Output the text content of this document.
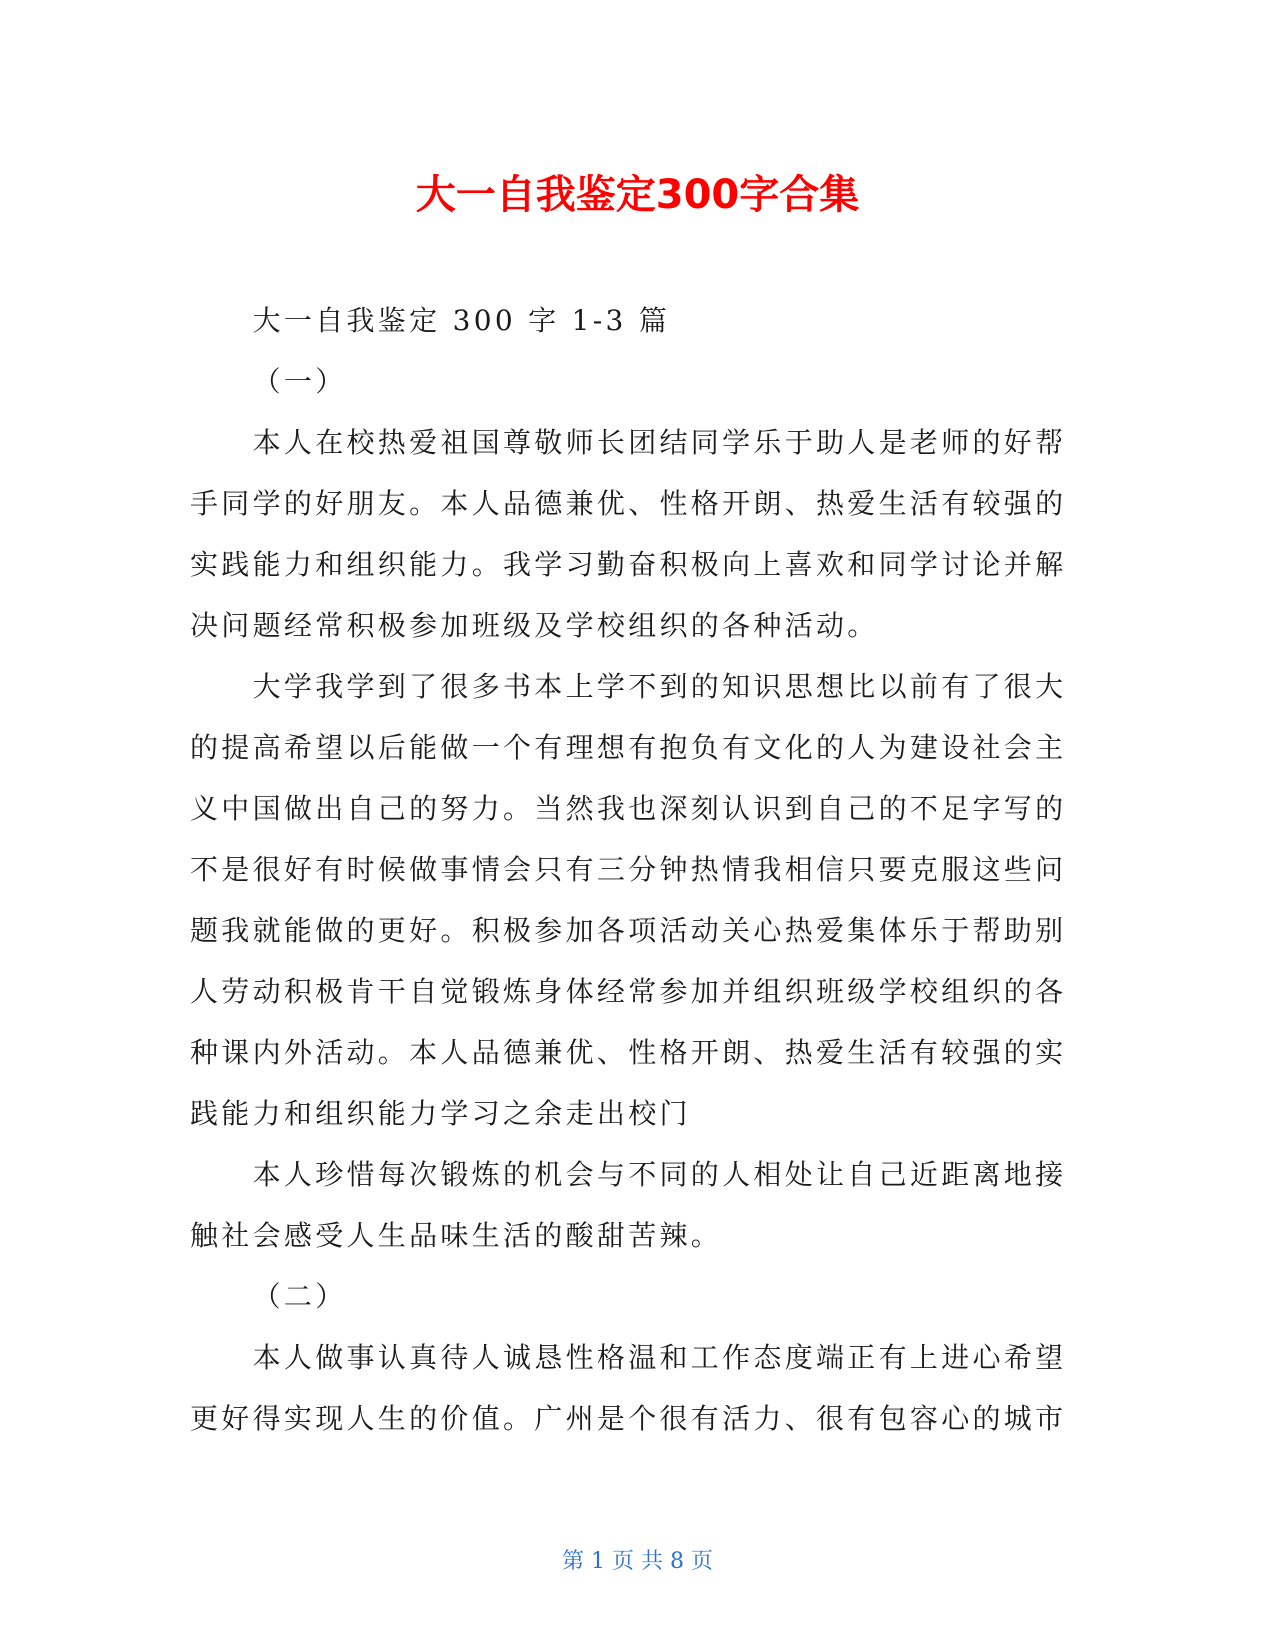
大一自我鉴定300字合集
大一自我鉴定 300 字 1-3 篇
（一）
本人在校热爱祖国尊敬师长团结同学乐于助人是老师的好帮
手同学的好朋友。本人品德兼优、性格开朗、热爱生活有较强的
实践能力和组织能力。我学习勤奋积极向上喜欢和同学讨论并解
决问题经常积极参加班级及学校组织的各种活动。
大学我学到了很多书本上学不到的知识思想比以前有了很大
的提高希望以后能做一个有理想有抱负有文化的人为建设社会主
义中国做出自己的努力。当然我也深刻认识到自己的不足字写的
不是很好有时候做事情会只有三分钟热情我相信只要克服这些问
题我就能做的更好。积极参加各项活动关心热爱集体乐于帮助别
人劳动积极肯干自觉锻炼身体经常参加并组织班级学校组织的各
种课内外活动。本人品德兼优、性格开朗、热爱生活有较强的实
践能力和组织能力学习之余走出校门
本人珍惜每次锻炼的机会与不同的人相处让自己近距离地接
触社会感受人生品味生活的酸甜苦辣。
（二）
本人做事认真待人诚恳性格温和工作态度端正有上进心希望
更好得实现人生的价值。广州是个很有活力、很有包容心的城市
第 1 页 共 8 页
